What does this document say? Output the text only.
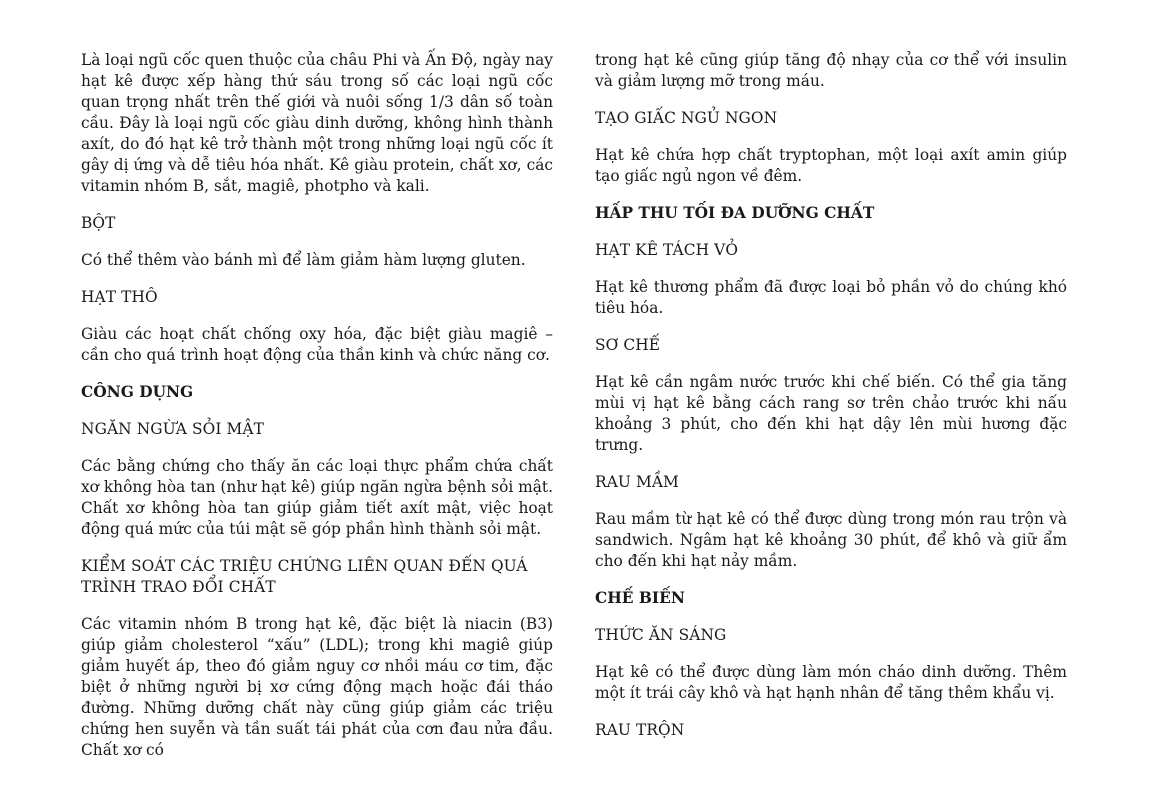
Là loại ngũ cốc quen thuộc của châu Phi và Ấn Độ, ngày nay hạt kê được xếp hàng thứ sáu trong số các loại ngũ cốc quan trọng nhất trên thế giới và nuôi sống 1/3 dân số toàn cầu. Đây là loại ngũ cốc giàu dinh dưỡng, không hình thành axít, do đó hạt kê trở thành một trong những loại ngũ cốc ít gây dị ứng và dễ tiêu hóa nhất. Kê giàu protein, chất xơ, các vitamin nhóm B, sắt, magiê, photpho và kali.

BỘT

Có thể thêm vào bánh mì để làm giảm hàm lượng gluten.

HẠT THÔ

Giàu các hoạt chất chống oxy hóa, đặc biệt giàu magiê – cần cho quá trình hoạt động của thần kinh và chức năng cơ.

CÔNG DỤNG

NGĂN NGỪA SỎI MẬT

Các bằng chứng cho thấy ăn các loại thực phẩm chứa chất xơ không hòa tan (như hạt kê) giúp ngăn ngừa bệnh sỏi mật. Chất xơ không hòa tan giúp giảm tiết axít mật, việc hoạt động quá mức của túi mật sẽ góp phần hình thành sỏi mật.

KIỂM SOÁT CÁC TRIỆU CHỨNG LIÊN QUAN ĐẾN QUÁ TRÌNH TRAO ĐỔI CHẤT

Các vitamin nhóm B trong hạt kê, đặc biệt là niacin (B3) giúp giảm cholesterol “xấu” (LDL); trong khi magiê giúp giảm huyết áp, theo đó giảm nguy cơ nhồi máu cơ tim, đặc biệt ở những người bị xơ cứng động mạch hoặc đái tháo đường. Những dưỡng chất này cũng giúp giảm các triệu chứng hen suyễn và tần suất tái phát của cơn đau nửa đầu. Chất xơ có

trong hạt kê cũng giúp tăng độ nhạy của cơ thể với insulin và giảm lượng mỡ trong máu.

TẠO GIẤC NGỦ NGON

Hạt kê chứa hợp chất tryptophan, một loại axít amin giúp tạo giấc ngủ ngon về đêm.

HẤP THU TỐI ĐA DƯỠNG CHẤT

HẠT KÊ TÁCH VỎ

Hạt kê thương phẩm đã được loại bỏ phần vỏ do chúng khó tiêu hóa.

SƠ CHẾ

Hạt kê cần ngâm nước trước khi chế biến. Có thể gia tăng mùi vị hạt kê bằng cách rang sơ trên chảo trước khi nấu khoảng 3 phút, cho đến khi hạt dậy lên mùi hương đặc trưng.

RAU MẦM

Rau mầm từ hạt kê có thể được dùng trong món rau trộn và sandwich. Ngâm hạt kê khoảng 30 phút, để khô và giữ ẩm cho đến khi hạt nảy mầm.

CHẾ BIẾN

THỨC ĂN SÁNG

Hạt kê có thể được dùng làm món cháo dinh dưỡng. Thêm một ít trái cây khô và hạt hạnh nhân để tăng thêm khẩu vị.

RAU TRỘN
